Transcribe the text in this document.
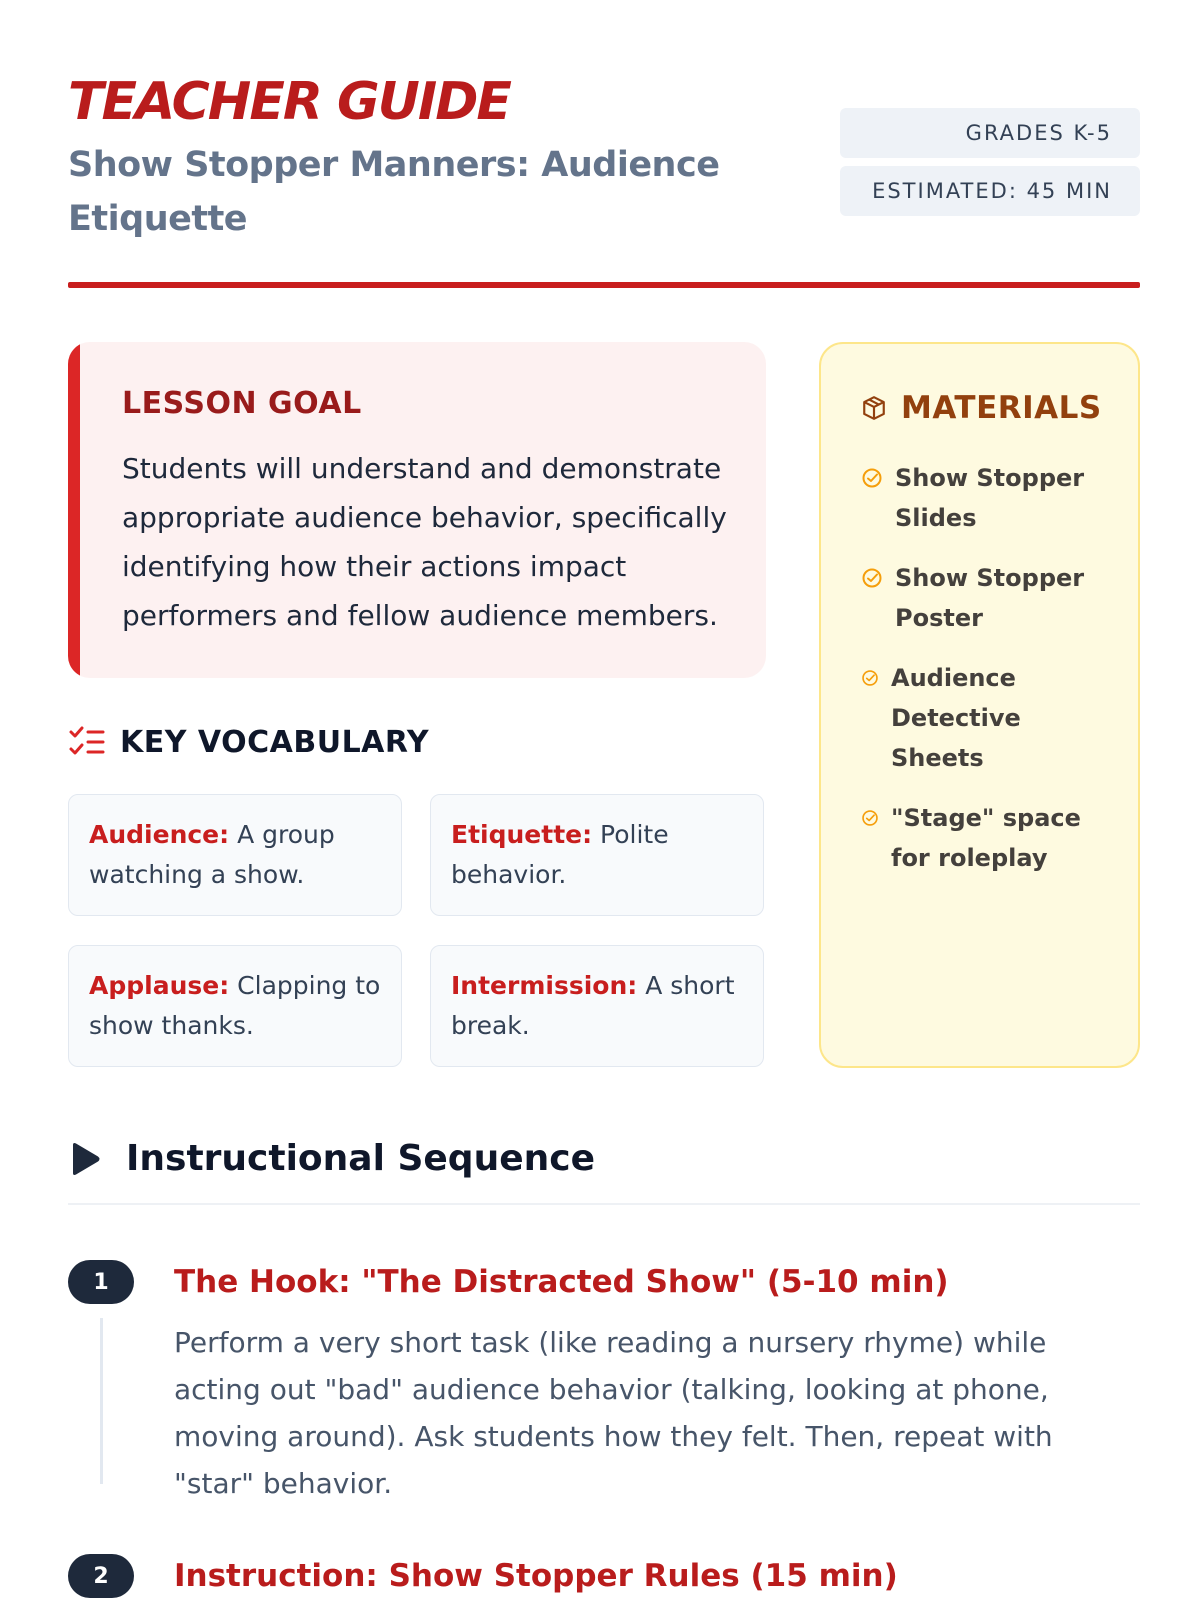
TEACHER GUIDE
Show Stopper Manners: Audience Etiquette
GRADES K-5
ESTIMATED: 45 MIN
LESSON GOAL
Students will understand and demonstrate appropriate audience behavior, specifically identifying how their actions impact performers and fellow audience members.
KEY VOCABULARY
Audience: A group watching a show.
Etiquette: Polite behavior.
Applause: Clapping to show thanks.
Intermission: A short break.
MATERIALS
Show Stopper Slides
Show Stopper Poster
Audience Detective Sheets
"Stage" space for roleplay
Instructional Sequence
1	The Hook: "The Distracted Show" (5-10 min)
Perform a very short task (like reading a nursery rhyme) while acting out "bad" audience behavior (talking, looking at phone, moving around). Ask students how they felt. Then, repeat with "star" behavior.
2	Instruction: Show Stopper Rules (15 min)
